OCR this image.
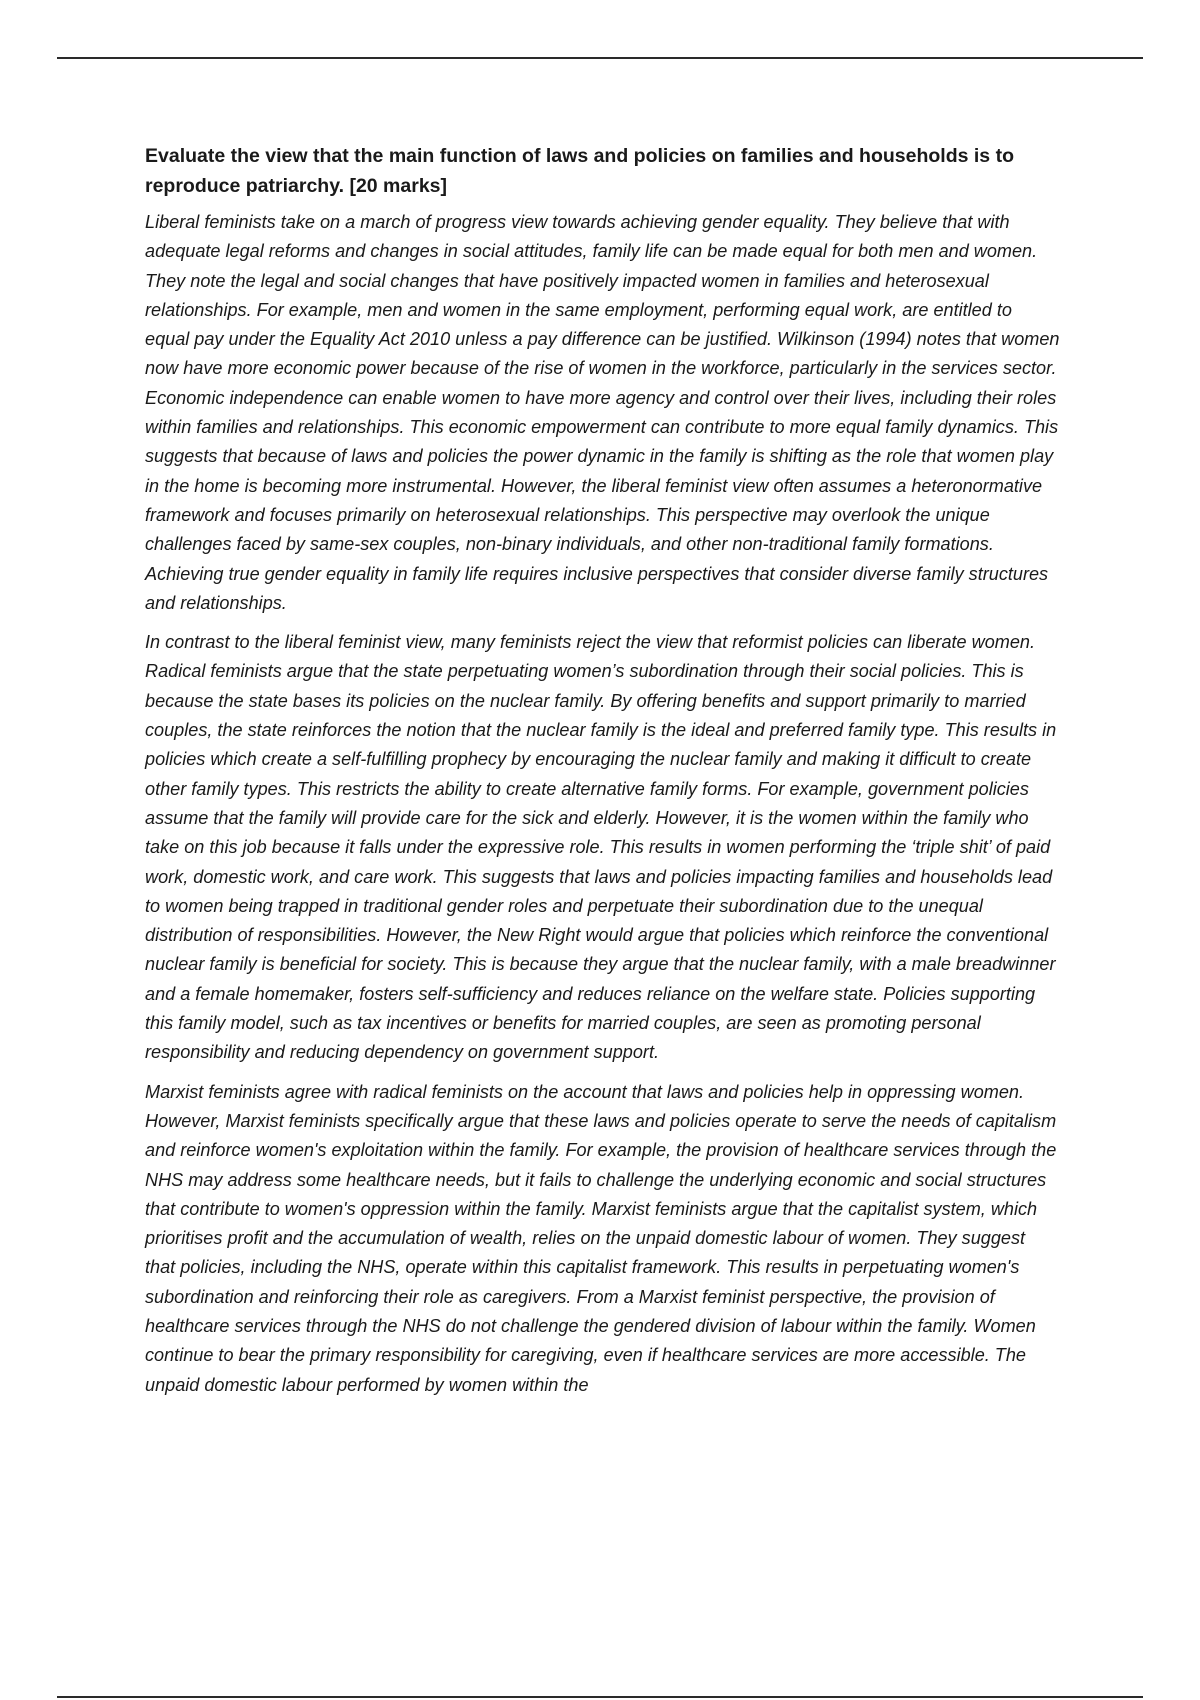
Evaluate the view that the main function of laws and policies on families and households is to reproduce patriarchy. [20 marks]

Liberal feminists take on a march of progress view towards achieving gender equality. They believe that with adequate legal reforms and changes in social attitudes, family life can be made equal for both men and women. They note the legal and social changes that have positively impacted women in families and heterosexual relationships. For example, men and women in the same employment, performing equal work, are entitled to equal pay under the Equality Act 2010 unless a pay difference can be justified. Wilkinson (1994) notes that women now have more economic power because of the rise of women in the workforce, particularly in the services sector. Economic independence can enable women to have more agency and control over their lives, including their roles within families and relationships. This economic empowerment can contribute to more equal family dynamics. This suggests that because of laws and policies the power dynamic in the family is shifting as the role that women play in the home is becoming more instrumental. However, the liberal feminist view often assumes a heteronormative framework and focuses primarily on heterosexual relationships. This perspective may overlook the unique challenges faced by same-sex couples, non-binary individuals, and other non-traditional family formations. Achieving true gender equality in family life requires inclusive perspectives that consider diverse family structures and relationships.

In contrast to the liberal feminist view, many feminists reject the view that reformist policies can liberate women. Radical feminists argue that the state perpetuating women’s subordination through their social policies. This is because the state bases its policies on the nuclear family. By offering benefits and support primarily to married couples, the state reinforces the notion that the nuclear family is the ideal and preferred family type. This results in policies which create a self-fulfilling prophecy by encouraging the nuclear family and making it difficult to create other family types. This restricts the ability to create alternative family forms. For example, government policies assume that the family will provide care for the sick and elderly. However, it is the women within the family who take on this job because it falls under the expressive role. This results in women performing the ‘triple shit’ of paid work, domestic work, and care work. This suggests that laws and policies impacting families and households lead to women being trapped in traditional gender roles and perpetuate their subordination due to the unequal distribution of responsibilities. However, the New Right would argue that policies which reinforce the conventional nuclear family is beneficial for society. This is because they argue that the nuclear family, with a male breadwinner and a female homemaker, fosters self-sufficiency and reduces reliance on the welfare state. Policies supporting this family model, such as tax incentives or benefits for married couples, are seen as promoting personal responsibility and reducing dependency on government support.

Marxist feminists agree with radical feminists on the account that laws and policies help in oppressing women. However, Marxist feminists specifically argue that these laws and policies operate to serve the needs of capitalism and reinforce women's exploitation within the family. For example, the provision of healthcare services through the NHS may address some healthcare needs, but it fails to challenge the underlying economic and social structures that contribute to women's oppression within the family. Marxist feminists argue that the capitalist system, which prioritises profit and the accumulation of wealth, relies on the unpaid domestic labour of women. They suggest that policies, including the NHS, operate within this capitalist framework. This results in perpetuating women's subordination and reinforcing their role as caregivers. From a Marxist feminist perspective, the provision of healthcare services through the NHS do not challenge the gendered division of labour within the family. Women continue to bear the primary responsibility for caregiving, even if healthcare services are more accessible. The unpaid domestic labour performed by women within the
